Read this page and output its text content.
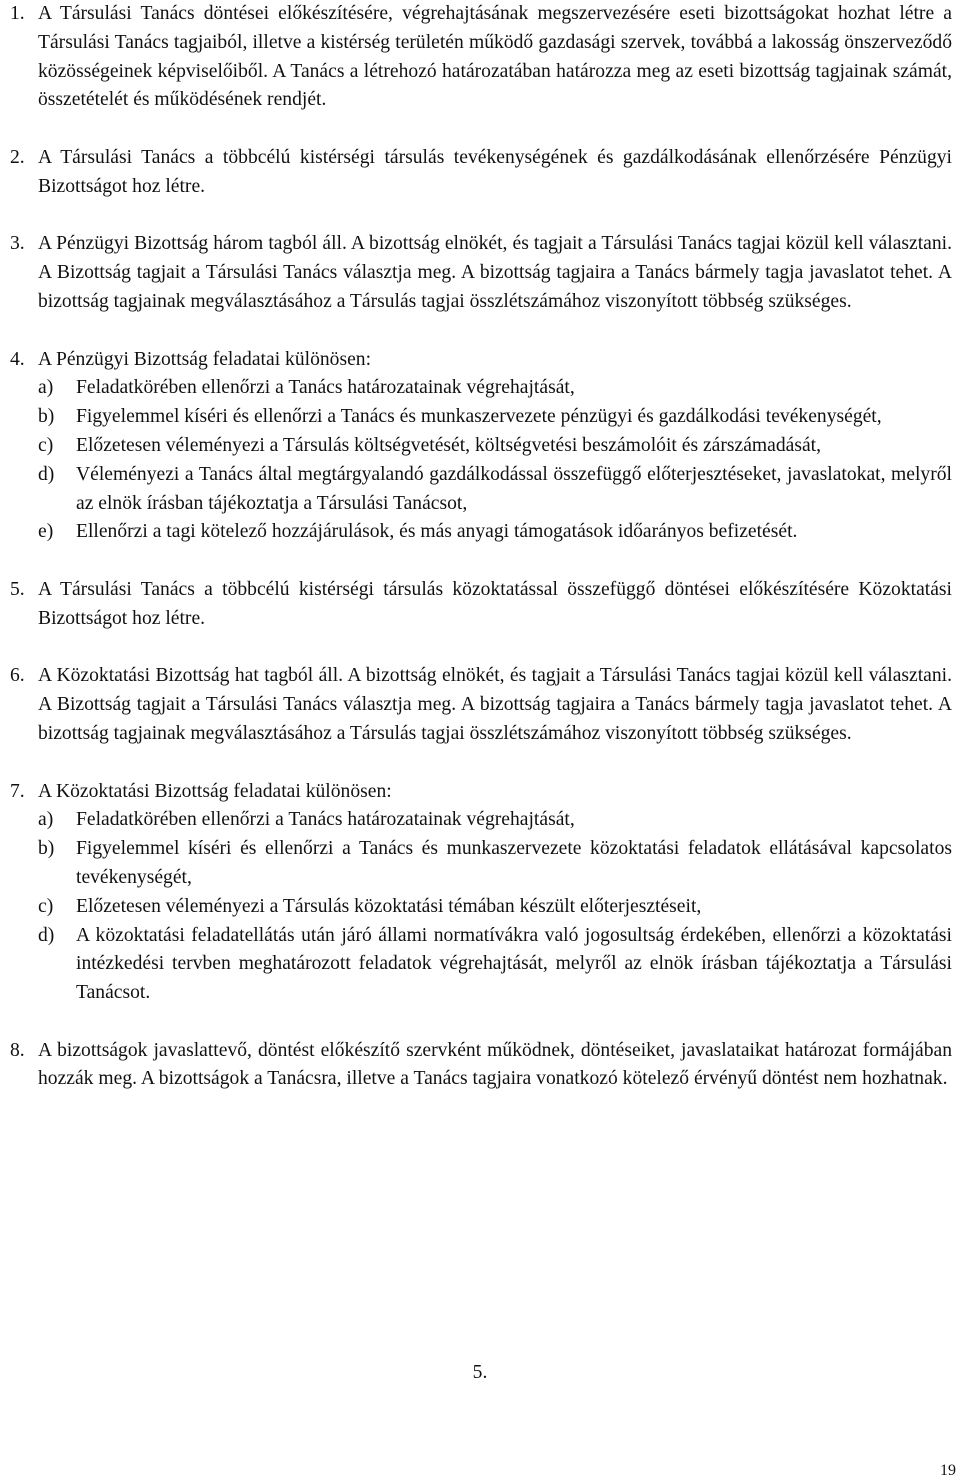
1. A Társulási Tanács döntései előkészítésére, végrehajtásának megszervezésére eseti bizottságokat hozhat létre a Társulási Tanács tagjaiból, illetve a kistérség területén működő gazdasági szervek, továbbá a lakosság önszerveződő közösségeinek képviselőiből. A Tanács a létrehozó határozatában határozza meg az eseti bizottság tagjainak számát, összetételét és működésének rendjét.
2. A Társulási Tanács a többcélú kistérségi társulás tevékenységének és gazdálkodásának ellenőrzésére Pénzügyi Bizottságot hoz létre.
3. A Pénzügyi Bizottság három tagból áll. A bizottság elnökét, és tagjait a Társulási Tanács tagjai közül kell választani. A Bizottság tagjait a Társulási Tanács választja meg. A bizottság tagjaira a Tanács bármely tagja javaslatot tehet. A bizottság tagjainak megválasztásához a Társulás tagjai összlétszámához viszonyított többség szükséges.
4. A Pénzügyi Bizottság feladatai különösen:
a) Feladatkörében ellenőrzi a Tanács határozatainak végrehajtását,
b) Figyelemmel kíséri és ellenőrzi a Tanács és munkaszervezete pénzügyi és gazdálkodási tevékenységét,
c) Előzetesen véleményezi a Társulás költségvetését, költségvetési beszámolóit és zárszámadását,
d) Véleményezi a Tanács által megtárgyalandó gazdálkodással összefüggő előterjesztéseket, javaslatokat, melyről az elnök írásban tájékoztatja a Társulási Tanácsot,
e) Ellenőrzi a tagi kötelező hozzájárulások, és más anyagi támogatások időarányos befizetését.
5. A Társulási Tanács a többcélú kistérségi társulás közoktatással összefüggő döntései előkészítésére Közoktatási Bizottságot hoz létre.
6. A Közoktatási Bizottság hat tagból áll. A bizottság elnökét, és tagjait a Társulási Tanács tagjai közül kell választani. A Bizottság tagjait a Társulási Tanács választja meg. A bizottság tagjaira a Tanács bármely tagja javaslatot tehet. A bizottság tagjainak megválasztásához a Társulás tagjai összlétszámához viszonyított többség szükséges.
7. A Közoktatási Bizottság feladatai különösen:
a) Feladatkörében ellenőrzi a Tanács határozatainak végrehajtását,
b) Figyelemmel kíséri és ellenőrzi a Tanács és munkaszervezete közoktatási feladatok ellátásával kapcsolatos tevékenységét,
c) Előzetesen véleményezi a Társulás közoktatási témában készült előterjesztéseit,
d) A közoktatási feladatellátás után járó állami normatívákra való jogosultság érdekében, ellenőrzi a közoktatási intézkedési tervben meghatározott feladatok végrehajtását, melyről az elnök írásban tájékoztatja a Társulási Tanácsot.
8. A bizottságok javaslattevő, döntést előkészítő szervként működnek, döntéseiket, javaslataikat határozat formájában hozzák meg. A bizottságok a Tanácsra, illetve a Tanács tagjaira vonatkozó kötelező érvényű döntést nem hozhatnak.
5.
19
